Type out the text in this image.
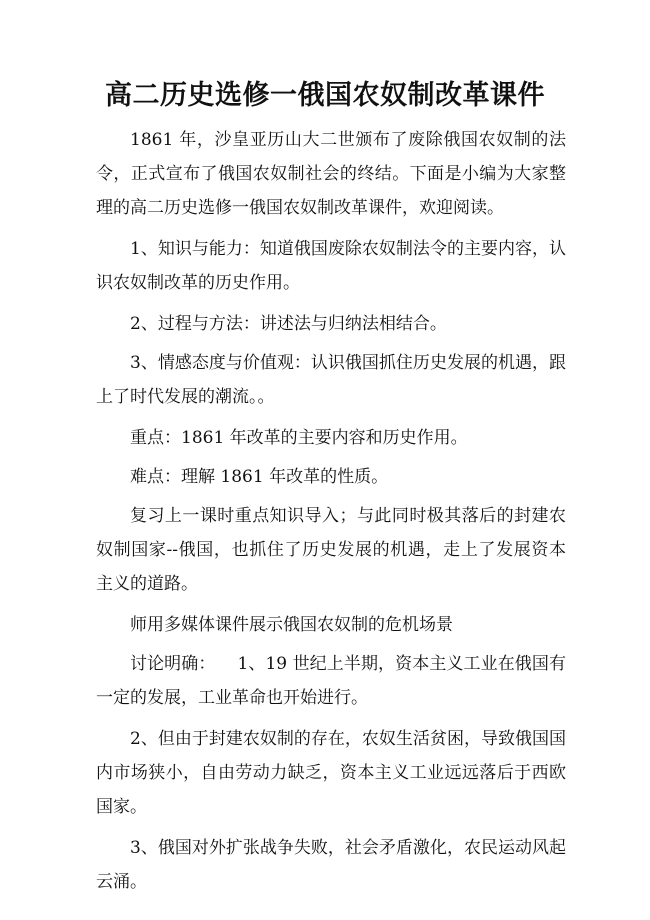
高二历史选修一俄国农奴制改革课件

1861 年，沙皇亚历山大二世颁布了废除俄国农奴制的法令，正式宣布了俄国农奴制社会的终结。下面是小编为大家整理的高二历史选修一俄国农奴制改革课件，欢迎阅读。

1、知识与能力：知道俄国废除农奴制法令的主要内容，认识农奴制改革的历史作用。

2、过程与方法：讲述法与归纳法相结合。

3、情感态度与价值观：认识俄国抓住历史发展的机遇，跟上了时代发展的潮流。。

重点：1861 年改革的主要内容和历史作用。

难点：理解 1861 年改革的性质。

复习上一课时重点知识导入；与此同时极其落后的封建农奴制国家--俄国，也抓住了历史发展的机遇，走上了发展资本主义的道路。

师用多媒体课件展示俄国农奴制的危机场景

讨论明确：    1、19 世纪上半期，资本主义工业在俄国有一定的发展，工业革命也开始进行。

2、但由于封建农奴制的存在，农奴生活贫困，导致俄国国内市场狭小，自由劳动力缺乏，资本主义工业远远落后于西欧国家。

3、俄国对外扩张战争失败，社会矛盾激化，农民运动风起云涌。
